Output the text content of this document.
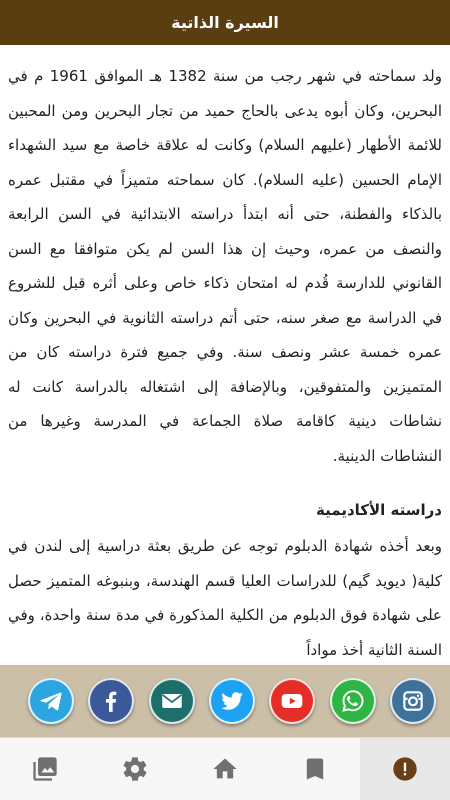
السيرة الذاتية

ولد سماحته في شهر رجب من سنة 1382 هـ الموافق 1961 م في البحرين، وكان أبوه يدعى بالحاج حميد من تجار البحرين ومن المحبين للائمة الأطهار (عليهم السلام) وكانت له علاقة خاصة مع سيد الشهداء الإمام الحسين (عليه السلام). كان سماحته متميزاً في مقتبل عمره بالذكاء والفطنة، حتى أنه ابتدأ دراسته الابتدائية في السن الرابعة والنصف من عمره، وحيث إن هذا السن لم يكن متوافقا مع السن القانوني للدارسة قُدم له امتحان ذكاء خاص وعلى أثره قبل للشروع في الدراسة مع صغر سنه، حتى أتم دراسته الثانوية في البحرين وكان عمره خمسة عشر ونصف سنة. وفي جميع فترة دراسته كان من المتميزين والمتفوقين، وبالإضافة إلى اشتغاله بالدراسة كانت له نشاطات دينية كاقامة صلاة الجماعة في المدرسة وغيرها من النشاطات الدينية.

دراسته الأكاديمية

وبعد أخذه شهادة الدبلوم توجه عن طريق بعثة دراسية إلى لندن في كلية( ديويد گيم) للدراسات العليا قسم الهندسة، وبنبوغه المتميز حصل على شهادة فوق الدبلوم من الكلية المذكورة في مدة سنة واحدة، وفي السنة الثانية أخذ مواداً
